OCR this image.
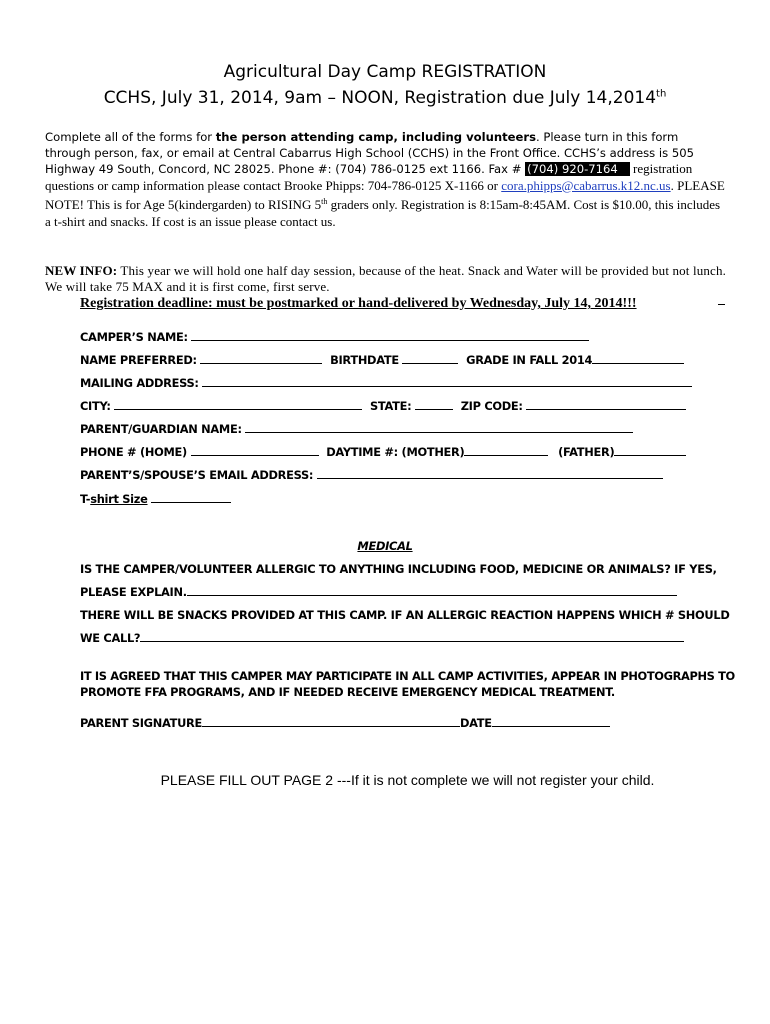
Agricultural Day Camp REGISTRATION
CCHS, July 31, 2014, 9am – NOON, Registration due July 14,2014th
Complete all of the forms for the person attending camp, including volunteers. Please turn in this form through person, fax, or email at Central Cabarrus High School (CCHS) in the Front Office. CCHS’s address is 505 Highway 49 South, Concord, NC 28025. Phone #: (704) 786-0125 ext 1166. Fax # (704) 920-7164 registration questions or camp information please contact Brooke Phipps: 704-786-0125 X-1166 or cora.phipps@cabarrus.k12.nc.us. PLEASE NOTE! This is for Age 5(kindergarden) to RISING 5th graders only. Registration is 8:15am-8:45AM. Cost is $10.00, this includes a t-shirt and snacks. If cost is an issue please contact us.
NEW INFO: This year we will hold one half day session, because of the heat. Snack and Water will be provided but not lunch. We will take 75 MAX and it is first come, first serve.
Registration deadline: must be postmarked or hand-delivered by Wednesday, July 14, 2014!!!
CAMPER’S NAME:
NAME PREFERRED:	BIRTHDATE	GRADE IN FALL 2014
MAILING ADDRESS:
CITY:	STATE:	ZIP CODE:
PARENT/GUARDIAN NAME:
PHONE # (HOME)	DAYTIME #: (MOTHER)	(FATHER)
PARENT’S/SPOUSE’S EMAIL ADDRESS:
T-shirt Size
MEDICAL
IS THE CAMPER/VOLUNTEER ALLERGIC TO ANYTHING INCLUDING FOOD, MEDICINE OR ANIMALS? IF YES,
PLEASE EXPLAIN.
THERE WILL BE SNACKS PROVIDED AT THIS CAMP. IF AN ALLERGIC REACTION HAPPENS WHICH # SHOULD
WE CALL?
IT IS AGREED THAT THIS CAMPER MAY PARTICIPATE IN ALL CAMP ACTIVITIES, APPEAR IN PHOTOGRAPHS TO PROMOTE FFA PROGRAMS, AND IF NEEDED RECEIVE EMERGENCY MEDICAL TREATMENT.
PARENT SIGNATURE	DATE
PLEASE FILL OUT PAGE 2 ---If it is not complete we will not register your child.
